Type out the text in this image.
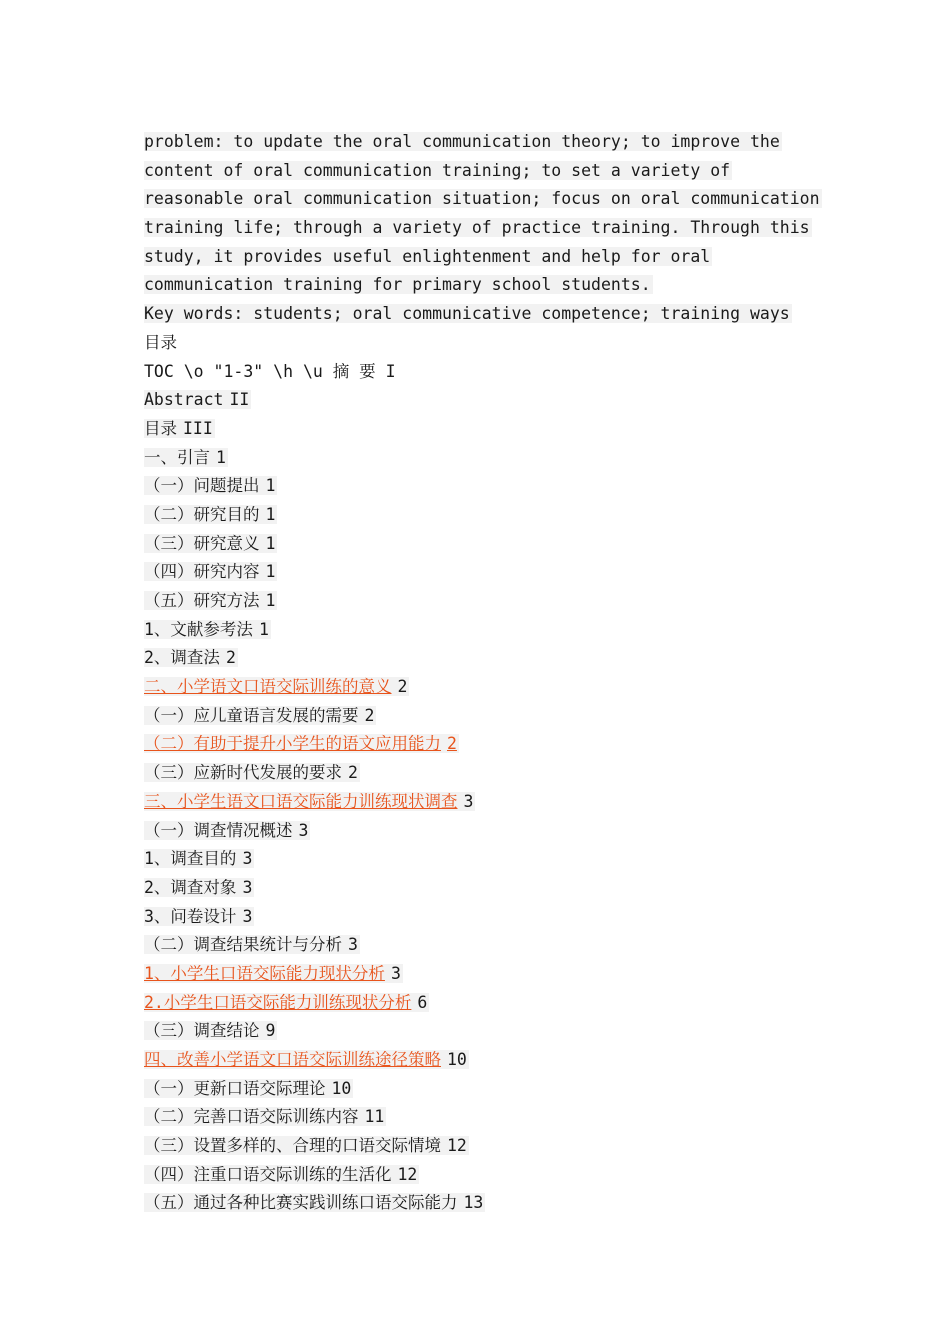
problem: to update the oral communication theory; to improve the
content of oral communication training; to set a variety of
reasonable oral communication situation; focus on oral communication
training life; through a variety of practice training. Through this
study, it provides useful enlightenment and help for oral
communication training for primary school students.
Key words: students; oral communicative competence; training ways
目录
TOC \o "1-3" \h \u 摘 要 I
Abstract II
目录 III
一、引言 1
（一）问题提出 1
（二）研究目的 1
（三）研究意义 1
（四）研究内容 1
（五）研究方法 1
1、文献参考法 1
2、调查法 2
二、小学语文口语交际训练的意义 2
（一）应儿童语言发展的需要 2
（二）有助于提升小学生的语文应用能力 2
（三）应新时代发展的要求 2
三、小学生语文口语交际能力训练现状调查 3
（一）调查情况概述 3
1、调查目的 3
2、调查对象 3
3、问卷设计 3
（二）调查结果统计与分析 3
1、小学生口语交际能力现状分析 3
2.小学生口语交际能力训练现状分析 6
（三）调查结论 9
四、改善小学语文口语交际训练途径策略 10
（一）更新口语交际理论 10
（二）完善口语交际训练内容 11
（三）设置多样的、合理的口语交际情境 12
（四）注重口语交际训练的生活化 12
（五）通过各种比赛实践训练口语交际能力 13
